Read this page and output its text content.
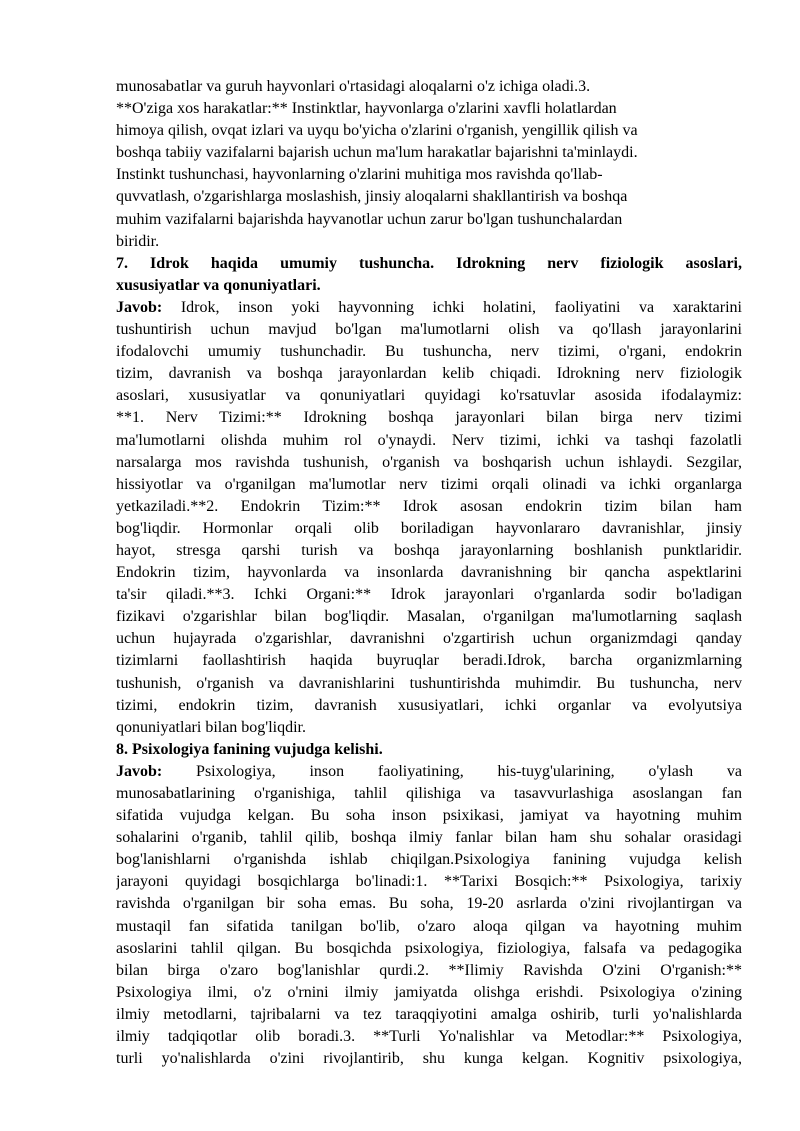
munosabatlar va guruh hayvonlari o'rtasidagi aloqalarni o'z ichiga oladi.3.
**O'ziga xos harakatlar:** Instinktlar, hayvonlarga o'zlarini xavfli holatlardan
himoya qilish, ovqat izlari va uyqu bo'yicha o'zlarini o'rganish, yengillik qilish va
boshqa tabiiy vazifalarni bajarish uchun ma'lum harakatlar bajarishni ta'minlaydi.
Instinkt tushunchasi, hayvonlarning o'zlarini muhitiga mos ravishda qo'llab-
quvvatlash, o'zgarishlarga moslashish, jinsiy aloqalarni shakllantirish va boshqa
muhim vazifalarni bajarishda hayvanotlar uchun zarur bo'lgan tushunchalardan
biridir.
7. Idrok haqida umumiy tushuncha. Idrokning nerv fiziologik asoslari,
xususiyatlar va qonuniyatlari.
Javob: Idrok, inson yoki hayvonning ichki holatini, faoliyatini va xaraktarini
tushuntirish uchun mavjud bo'lgan ma'lumotlarni olish va qo'llash jarayonlarini
ifodalovchi umumiy tushunchadir. Bu tushuncha, nerv tizimi, o'rgani, endokrin
tizim, davranish va boshqa jarayonlardan kelib chiqadi. Idrokning nerv fiziologik
asoslari, xususiyatlar va qonuniyatlari quyidagi ko'rsatuvlar asosida ifodalaymiz:
**1. Nerv Tizimi:** Idrokning boshqa jarayonlari bilan birga nerv tizimi
ma'lumotlarni olishda muhim rol o'ynaydi. Nerv tizimi, ichki va tashqi fazolatli
narsalarga mos ravishda tushunish, o'rganish va boshqarish uchun ishlaydi. Sezgilar,
hissiyotlar va o'rganilgan ma'lumotlar nerv tizimi orqali olinadi va ichki organlarga
yetkaziladi.**2. Endokrin Tizim:** Idrok asosan endokrin tizim bilan ham
bog'liqdir. Hormonlar orqali olib boriladigan hayvonlararo davranishlar, jinsiy
hayot, stresga qarshi turish va boshqa jarayonlarning boshlanish punktlaridir.
Endokrin tizim, hayvonlarda va insonlarda davranishning bir qancha aspektlarini
ta'sir qiladi.**3. Ichki Organi:** Idrok jarayonlari o'rganlarda sodir bo'ladigan
fizikavi o'zgarishlar bilan bog'liqdir. Masalan, o'rganilgan ma'lumotlarning saqlash
uchun hujayrada o'zgarishlar, davranishni o'zgartirish uchun organizmdagi qanday
tizimlarni faollashtirish haqida buyruqlar beradi.Idrok, barcha organizmlarning
tushunish, o'rganish va davranishlarini tushuntirishda muhimdir. Bu tushuncha, nerv
tizimi, endokrin tizim, davranish xususiyatlari, ichki organlar va evolyutsiya
qonuniyatlari bilan bog'liqdir.
8. Psixologiya fanining vujudga kelishi.
Javob: Psixologiya, inson faoliyatining, his-tuyg'ularining, o'ylash va
munosabatlarining o'rganishiga, tahlil qilishiga va tasavvurlashiga asoslangan fan
sifatida vujudga kelgan. Bu soha inson psixikasi, jamiyat va hayotning muhim
sohalarini o'rganib, tahlil qilib, boshqa ilmiy fanlar bilan ham shu sohalar orasidagi
bog'lanishlarni o'rganishda ishlab chiqilgan.Psixologiya fanining vujudga kelish
jarayoni quyidagi bosqichlarga bo'linadi:1. **Tarixi Bosqich:** Psixologiya, tarixiy
ravishda o'rganilgan bir soha emas. Bu soha, 19-20 asrlarda o'zini rivojlantirgan va
mustaqil fan sifatida tanilgan bo'lib, o'zaro aloqa qilgan va hayotning muhim
asoslarini tahlil qilgan. Bu bosqichda psixologiya, fiziologiya, falsafa va pedagogika
bilan birga o'zaro bog'lanishlar qurdi.2. **Ilimiy Ravishda O'zini O'rganish:**
Psixologiya ilmi, o'z o'rnini ilmiy jamiyatda olishga erishdi. Psixologiya o'zining
ilmiy metodlarni, tajribalarni va tez taraqqiyotini amalga oshirib, turli yo'nalishlarda
ilmiy tadqiqotlar olib boradi.3. **Turli Yo'nalishlar va Metodlar:** Psixologiya,
turli yo'nalishlarda o'zini rivojlantirib, shu kunga kelgan. Kognitiv psixologiya,
